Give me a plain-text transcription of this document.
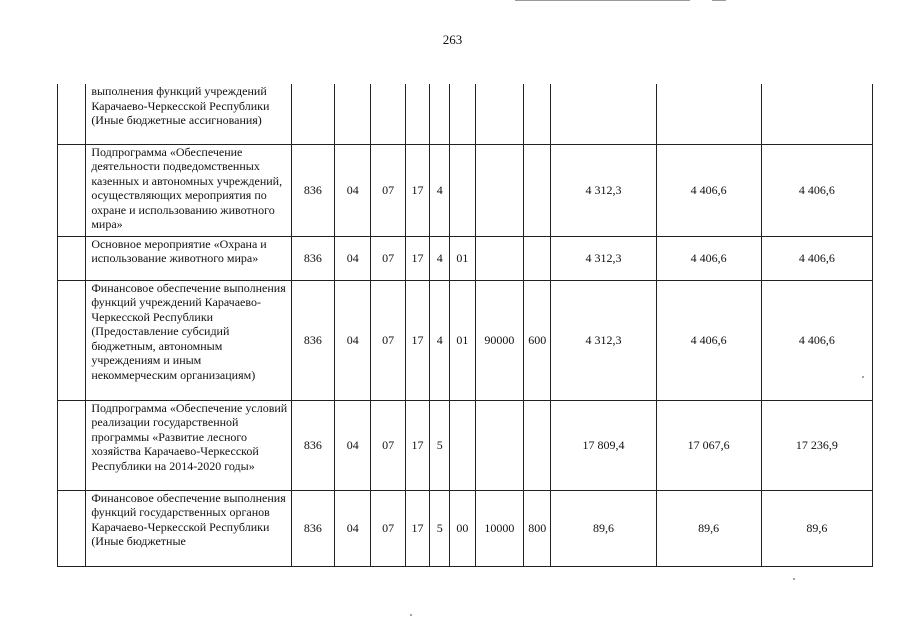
263
	выполнения функций учреждений Карачаево-Черкесской Республики (Иные бюджетные ассигнования)											
	Подпрограмма «Обеспечение деятельности подведомственных казенных и автономных учреждений, осуществляющих мероприятия по охране и использованию животного мира»	836	04	07	17	4				4 312,3	4 406,6	4 406,6
	Основное мероприятие «Охрана и использование животного мира»	836	04	07	17	4	01			4 312,3	4 406,6	4 406,6
	Финансовое обеспечение выполнения функций учреждений Карачаево-Черкесской Республики (Предоставление субсидий бюджетным, автономным учреждениям и иным некоммерческим организациям)	836	04	07	17	4	01	90000	600	4 312,3	4 406,6	4 406,6
	Подпрограмма «Обеспечение условий реализации государственной программы «Развитие лесного хозяйства Карачаево-Черкесской Республики на 2014-2020 годы»	836	04	07	17	5				17 809,4	17 067,6	17 236,9
	Финансовое обеспечение выполнения функций государственных органов Карачаево-Черкесской Республики (Иные бюджетные	836	04	07	17	5	00	10000	800	89,6	89,6	89,6
